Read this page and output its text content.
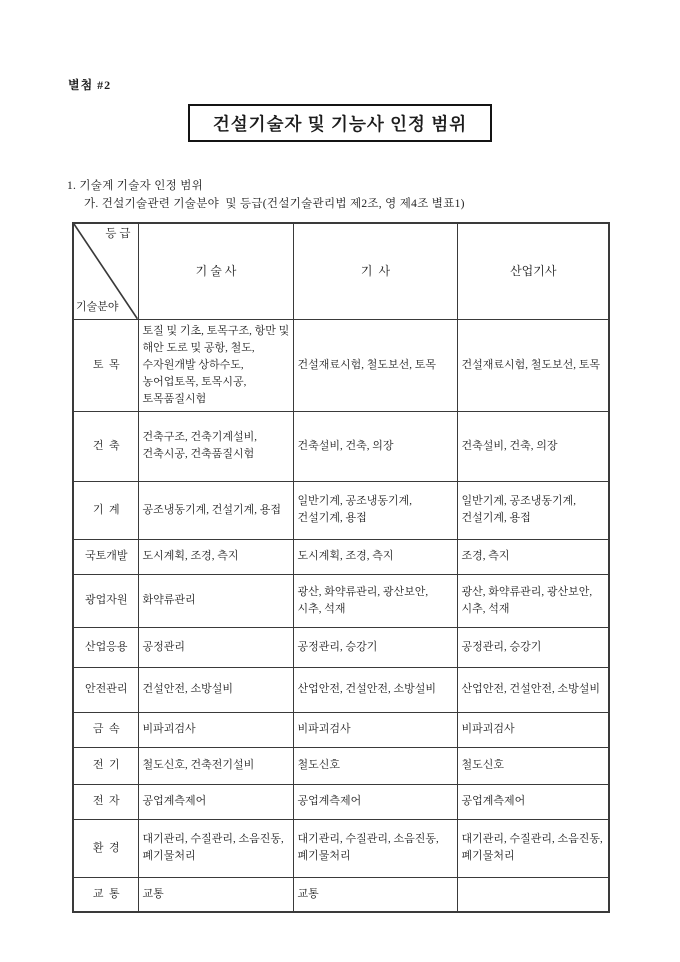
별첨 #2
건설기술자 및 기능사 인정 범위
1. 기술계 기술자 인정 범위
가. 건설기술관련 기술분야  및 등급(건설기술관리법 제2조, 영 제4조 별표1)

등 급

기술분야	기 술 사	기  사	산업기사
토  목	토질 및 기초, 토목구조, 항만 및 해안 도로 및 공항, 철도, 수자원개발 상하수도, 농어업토목, 토목시공, 토목품질시험	건설재료시험, 철도보선, 토목	건설재료시험, 철도보선, 토목
건  축	건축구조, 건축기계설비, 건축시공, 건축품질시험	건축설비, 건축, 의장	건축설비, 건축, 의장
기  계	공조냉동기계, 건설기계, 용접	일반기계, 공조냉동기계, 건설기계, 용접	일반기계, 공조냉동기계, 건설기계, 용접
국토개발	도시계획, 조경, 측지	도시계획, 조경, 측지	조경, 측지
광업자원	화약류관리	광산, 화약류관리, 광산보안, 시추, 석재	광산, 화약류관리, 광산보안, 시추, 석재
산업응용	공정관리	공정관리, 승강기	공정관리, 승강기
안전관리	건설안전, 소방설비	산업안전, 건설안전, 소방설비	산업안전, 건설안전, 소방설비
금  속	비파괴검사	비파괴검사	비파괴검사
전  기	철도신호, 건축전기설비	철도신호	철도신호
전  자	공업계측제어	공업계측제어	공업계측제어
환  경	대기관리, 수질관리, 소음진동, 폐기물처리	대기관리, 수질관리, 소음진동, 폐기물처리	대기관리, 수질관리, 소음진동, 폐기물처리
교  통	교통	교통	
